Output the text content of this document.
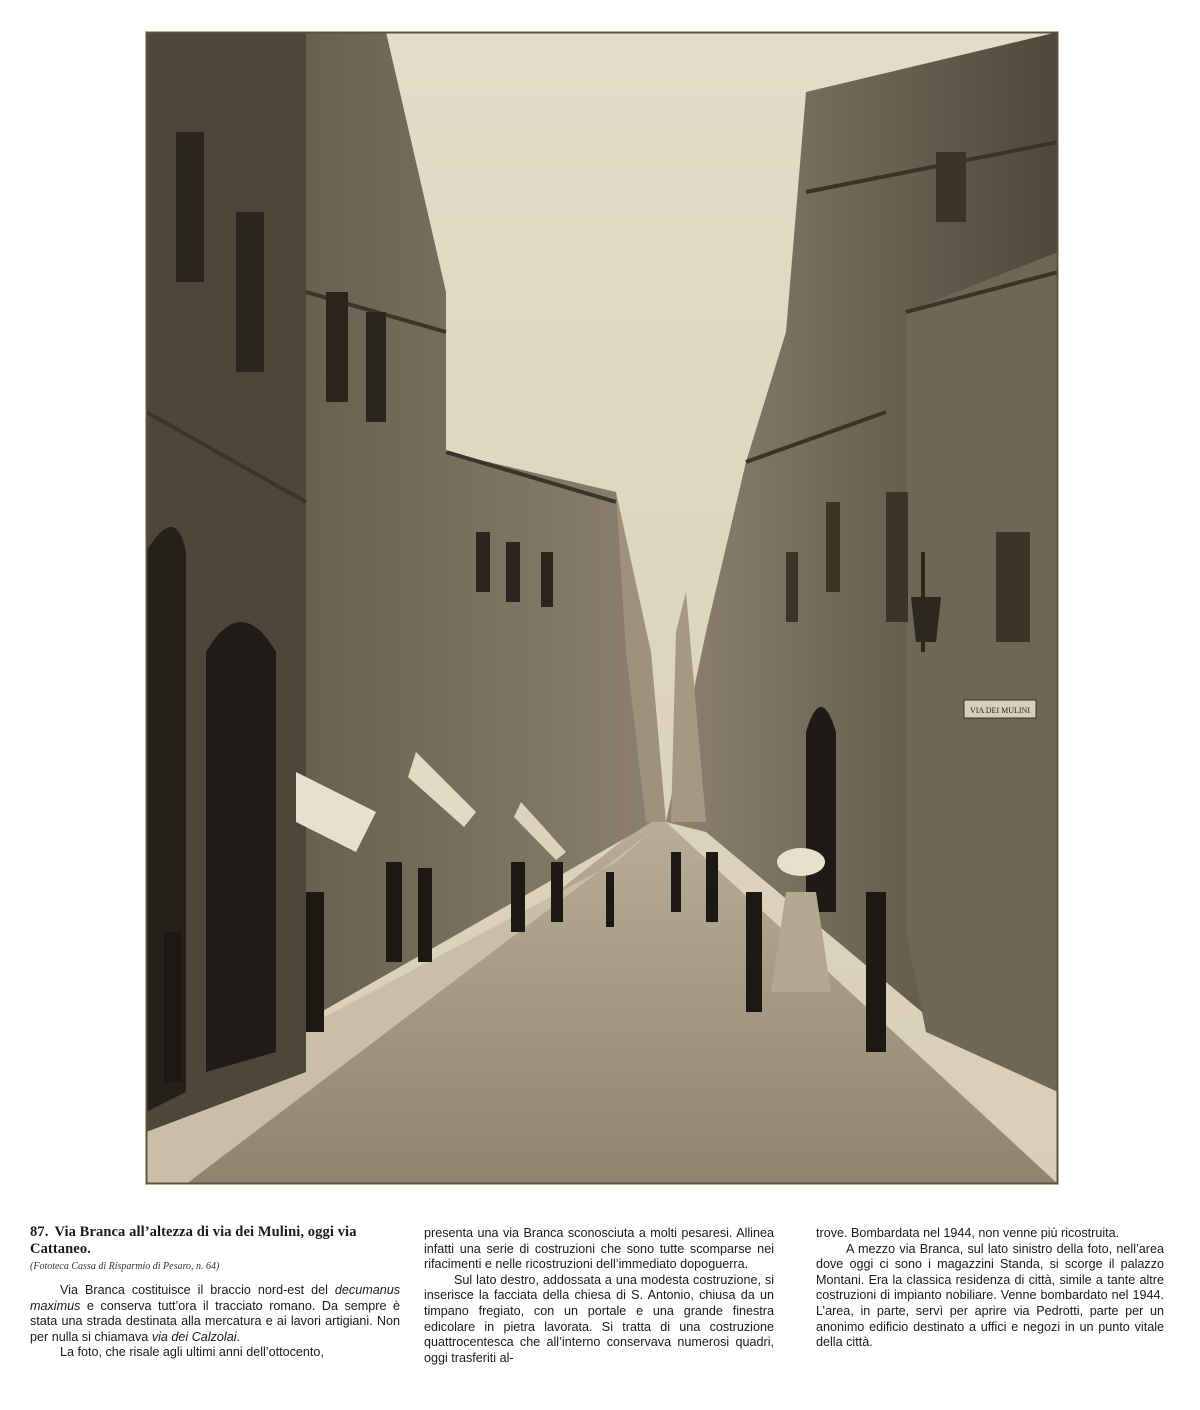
VIA DEI MULINI

87. Via Branca all’altezza di via dei Mulini, oggi via Cattaneo.

(Fototeca Cassa di Risparmio di Pesaro, n. 64)

Via Branca costituisce il braccio nord-est del decumanus maximus e conserva tutt’ora il tracciato romano. Da sempre è stata una strada destinata alla mercatura e ai lavori artigiani. Non per nulla si chiamava via dei Calzolai.

La foto, che risale agli ultimi anni dell’ottocento,

presenta una via Branca sconosciuta a molti pesaresi. Allinea infatti una serie di costruzioni che sono tutte scomparse nei rifacimenti e nelle ricostruzioni dell’immediato dopoguerra.

Sul lato destro, addossata a una modesta costruzione, si inserisce la facciata della chiesa di S. Antonio, chiusa da un timpano fregiato, con un portale e una grande finestra edicolare in pietra lavorata. Si tratta di una costruzione quattrocentesca che all’interno conservava numerosi quadri, oggi trasferiti al-

trove. Bombardata nel 1944, non venne più ricostruita.

A mezzo via Branca, sul lato sinistro della foto, nell’area dove oggi ci sono i magazzini Standa, si scorge il palazzo Montani. Era la classica residenza di città, simile a tante altre costruzioni di impianto nobiliare. Venne bombardato nel 1944. L’area, in parte, servì per aprire via Pedrotti, parte per un anonimo edificio destinato a uffici e negozi in un punto vitale della città.
